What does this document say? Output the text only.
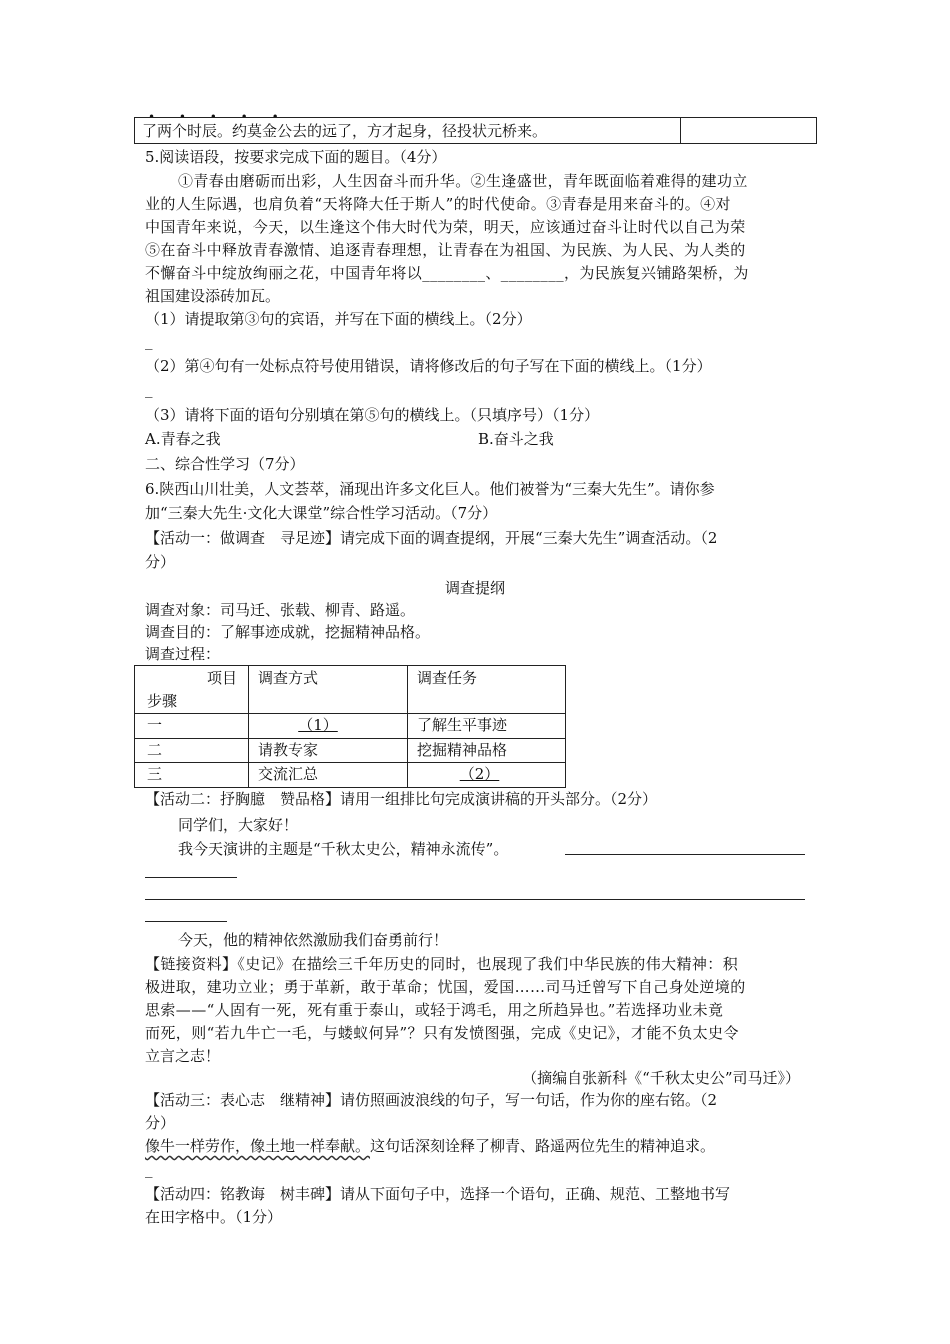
• • • • •
了两个时辰。约莫金公去的远了，方才起身，径投状元桥来。
5.阅读语段，按要求完成下面的题目。（4分）
①青春由磨砺而出彩，人生因奋斗而升华。②生逢盛世，青年既面临着难得的建功立
业的人生际遇，也肩负着“天将降大任于斯人”的时代使命。③青春是用来奋斗的。④对
中国青年来说，今天，以生逢这个伟大时代为荣，明天，应该通过奋斗让时代以自己为荣
⑤在奋斗中释放青春激情、追逐青春理想，让青春在为祖国、为民族、为人民、为人类的
不懈奋斗中绽放绚丽之花，中国青年将以________、________，为民族复兴铺路架桥，为
祖国建设添砖加瓦。
（1）请提取第③句的宾语，并写在下面的横线上。（2分）
_
（2）第④句有一处标点符号使用错误，请将修改后的句子写在下面的横线上。（1分）
_
（3）请将下面的语句分别填在第⑤句的横线上。（只填序号）（1分）
A.青春之我	B.奋斗之我
二、综合性学习（7分）
6.陕西山川壮美，人文荟萃，涌现出许多文化巨人。他们被誉为“三秦大先生”。请你参
加“三秦大先生·文化大课堂”综合性学习活动。（7分）
【活动一：做调查　寻足迹】请完成下面的调查提纲，开展“三秦大先生”调查活动。（2
分）
调查提纲
调查对象：司马迁、张载、柳青、路遥。
调查目的：了解事迹成就，挖掘精神品格。
调查过程：
项目
步骤
调查方式	调查任务
一	（1）	了解生平事迹
二	请教专家	挖掘精神品格
三	交流汇总	（2）
【活动二：抒胸臆　赞品格】请用一组排比句完成演讲稿的开头部分。（2分）
同学们，大家好！
我今天演讲的主题是“千秋太史公，精神永流传”。
今天，他的精神依然激励我们奋勇前行！
【链接资料】《史记》在描绘三千年历史的同时，也展现了我们中华民族的伟大精神：积
极进取，建功立业；勇于革新，敢于革命；忧国，爱国……司马迁曾写下自己身处逆境的
思索——“人固有一死，死有重于泰山，或轻于鸿毛，用之所趋异也。”若选择功业未竟
而死，则“若九牛亡一毛，与蝼蚁何异”？只有发愤图强，完成《史记》，才能不负太史令
立言之志！
（摘编自张新科《“千秋太史公”司马迁》）
【活动三：表心志　继精神】请仿照画波浪线的句子，写一句话，作为你的座右铭。（2
分）
像牛一样劳作，像土地一样奉献。这句话深刻诠释了柳青、路遥两位先生的精神追求。
_
【活动四：铭教诲　树丰碑】请从下面句子中，选择一个语句，正确、规范、工整地书写
在田字格中。（1分）
